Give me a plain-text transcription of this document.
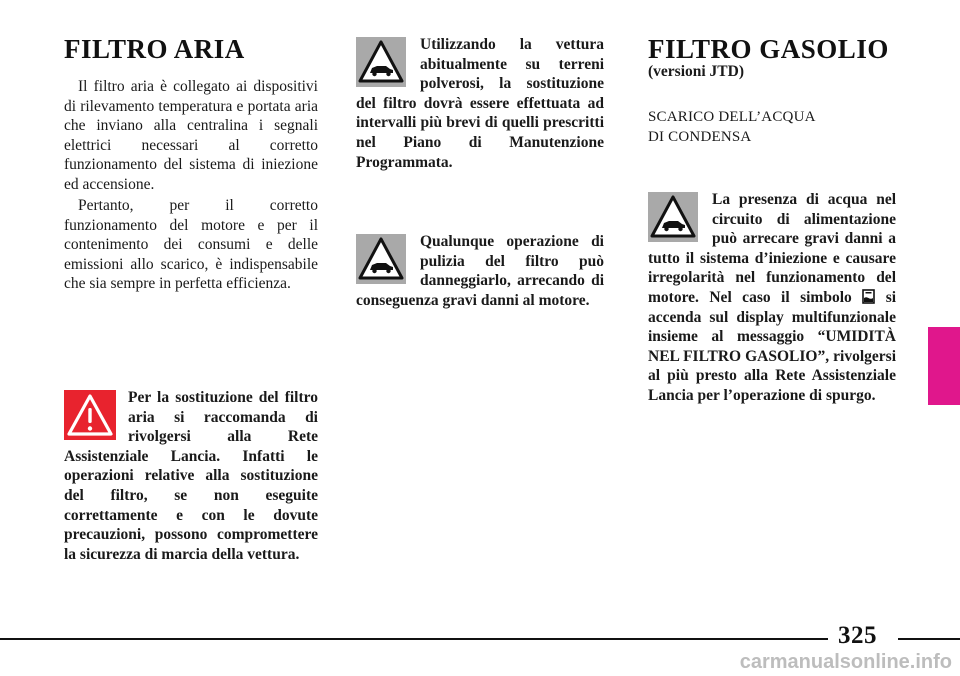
FILTRO ARIA

Il filtro aria è collegato ai dispositivi di rilevamento temperatura e portata aria che inviano alla centralina i segnali elettrici necessari al corretto funzionamento del sistema di iniezione ed accensione.

Pertanto, per il corretto funzionamento del motore e per il contenimento dei consumi e delle emissioni allo scarico, è indispensabile che sia sempre in perfetta efficienza.

Per la sostituzione del filtro aria si raccomanda di rivolgersi alla Rete Assistenziale Lancia. Infatti le operazioni relative alla sostituzione del filtro, se non eseguite correttamente e con le dovute precauzioni, possono compromettere la sicurezza di marcia della vettura.

Utilizzando la vettura abitualmente su terreni polverosi, la sostituzione del filtro dovrà essere effettuata ad intervalli più brevi di quelli prescritti nel Piano di Manutenzione Programmata.

Qualunque operazione di pulizia del filtro può danneggiarlo, arrecando di conseguenza gravi danni al motore.

FILTRO GASOLIO

(versioni JTD)

SCARICO DELL’ACQUA

DI CONDENSA

La presenza di acqua nel circuito di alimentazione può arrecare gravi danni a tutto il sistema d’iniezione e causare irregolarità nel funzionamento del motore. Nel caso il simbolo si accenda sul display multifunzionale insieme al messaggio “UMIDITÀ NEL FILTRO GASOLIO”, rivolgersi al più presto alla Rete Assistenziale Lancia per l’operazione di spurgo.

325
carmanualsonline.info
